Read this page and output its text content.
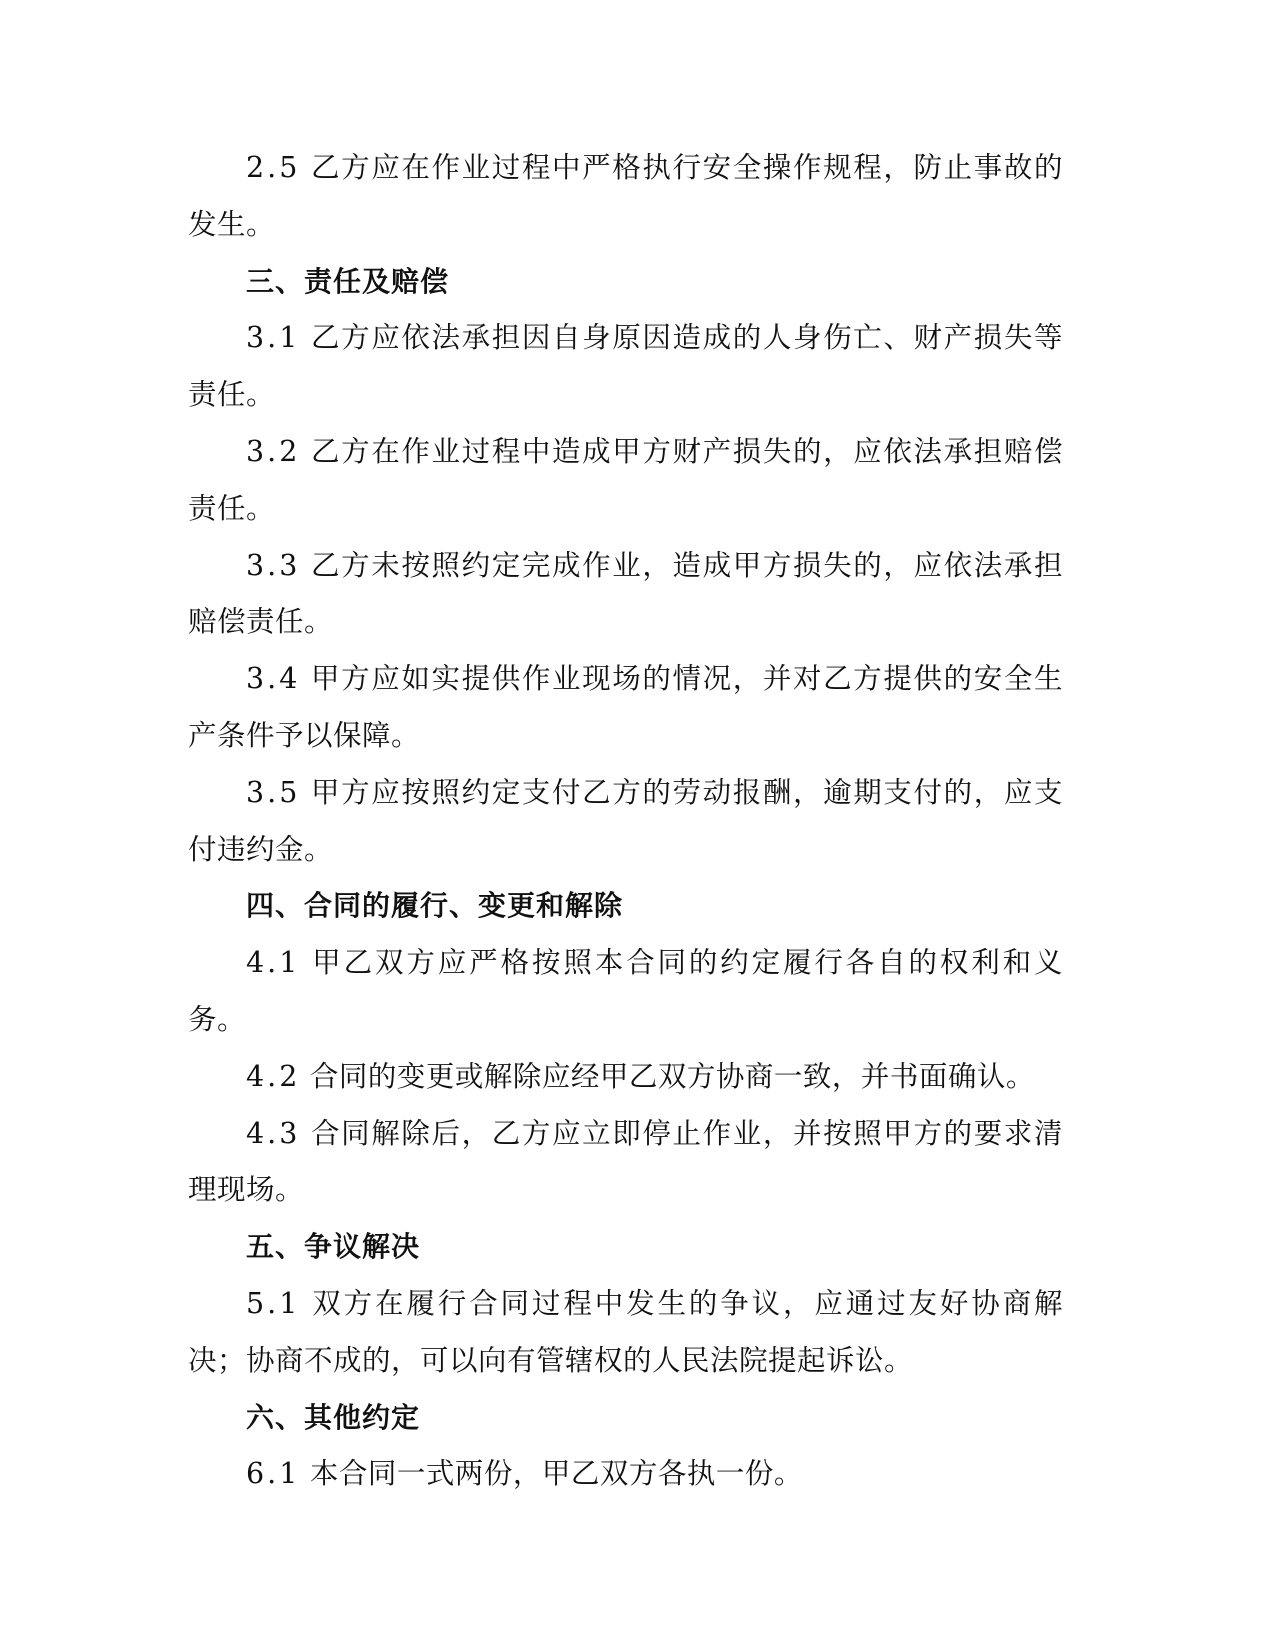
2.5 乙方应在作业过程中严格执行安全操作规程，防止事故的发生。

三、责任及赔偿

3.1 乙方应依法承担因自身原因造成的人身伤亡、财产损失等责任。

3.2 乙方在作业过程中造成甲方财产损失的，应依法承担赔偿责任。

3.3 乙方未按照约定完成作业，造成甲方损失的，应依法承担赔偿责任。

3.4 甲方应如实提供作业现场的情况，并对乙方提供的安全生产条件予以保障。

3.5 甲方应按照约定支付乙方的劳动报酬，逾期支付的，应支付违约金。

四、合同的履行、变更和解除

4.1 甲乙双方应严格按照本合同的约定履行各自的权利和义务。

4.2 合同的变更或解除应经甲乙双方协商一致，并书面确认。

4.3 合同解除后，乙方应立即停止作业，并按照甲方的要求清理现场。

五、争议解决

5.1 双方在履行合同过程中发生的争议，应通过友好协商解决；协商不成的，可以向有管辖权的人民法院提起诉讼。

六、其他约定

6.1 本合同一式两份，甲乙双方各执一份。
